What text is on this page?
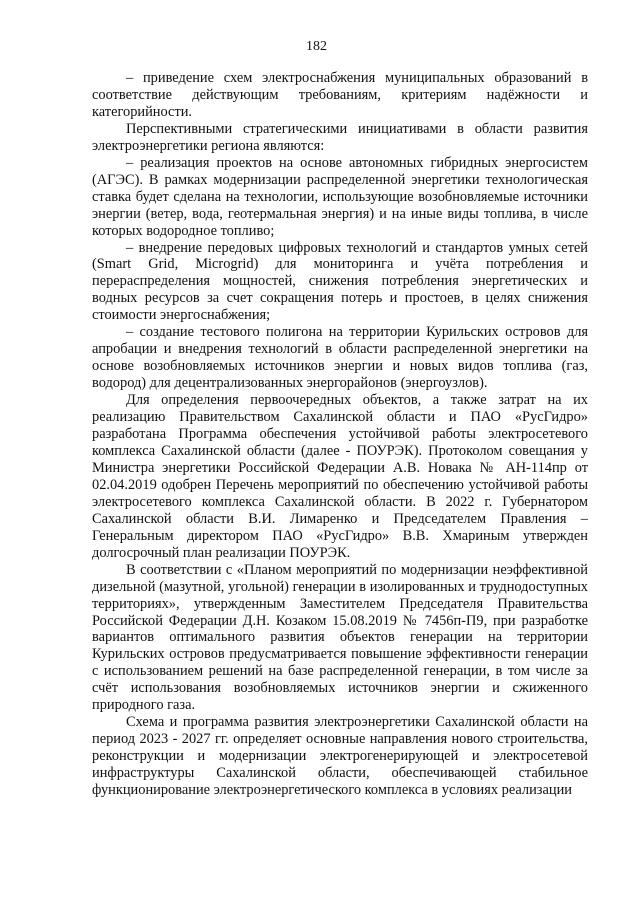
182

– приведение схем электроснабжения муниципальных образований в соответствие действующим требованиям, критериям надёжности и категорийности.

Перспективными стратегическими инициативами в области развития электроэнергетики региона являются:

– реализация проектов на основе автономных гибридных энергосистем (АГЭС). В рамках модернизации распределенной энергетики технологическая ставка будет сделана на технологии, использующие возобновляемые источники энергии (ветер, вода, геотермальная энергия) и на иные виды топлива, в числе которых водородное топливо;

– внедрение передовых цифровых технологий и стандартов умных сетей (Smart Grid, Microgrid) для мониторинга и учёта потребления и перераспределения мощностей, снижения потребления энергетических и водных ресурсов за счет сокращения потерь и простоев, в целях снижения стоимости энергоснабжения;

– создание тестового полигона на территории Курильских островов для апробации и внедрения технологий в области распределенной энергетики на основе возобновляемых источников энергии и новых видов топлива (газ, водород) для децентрализованных энергорайонов (энергоузлов).

Для определения первоочередных объектов, а также затрат на их реализацию Правительством Сахалинской области и ПАО «РусГидро» разработана Программа обеспечения устойчивой работы электросетевого комплекса Сахалинской области (далее - ПОУРЭК). Протоколом совещания у Министра энергетики Российской Федерации А.В. Новака № АН-114пр от 02.04.2019 одобрен Перечень мероприятий по обеспечению устойчивой работы электросетевого комплекса Сахалинской области. В 2022 г. Губернатором Сахалинской области В.И. Лимаренко и Председателем Правления – Генеральным директором ПАО «РусГидро» В.В. Хмариным утвержден долгосрочный план реализации ПОУРЭК.

В соответствии с «Планом мероприятий по модернизации неэффективной дизельной (мазутной, угольной) генерации в изолированных и труднодоступных территориях», утвержденным Заместителем Председателя Правительства Российской Федерации Д.Н. Козаком 15.08.2019 № 7456п-П9, при разработке вариантов оптимального развития объектов генерации на территории Курильских островов предусматривается повышение эффективности генерации с использованием решений на базе распределенной генерации, в том числе за счёт использования возобновляемых источников энергии и сжиженного природного газа.

Схема и программа развития электроэнергетики Сахалинской области на период 2023 - 2027 гг. определяет основные направления нового строительства, реконструкции и модернизации электрогенерирующей и электросетевой инфраструктуры Сахалинской области, обеспечивающей стабильное функционирование электроэнергетического комплекса в условиях реализации
